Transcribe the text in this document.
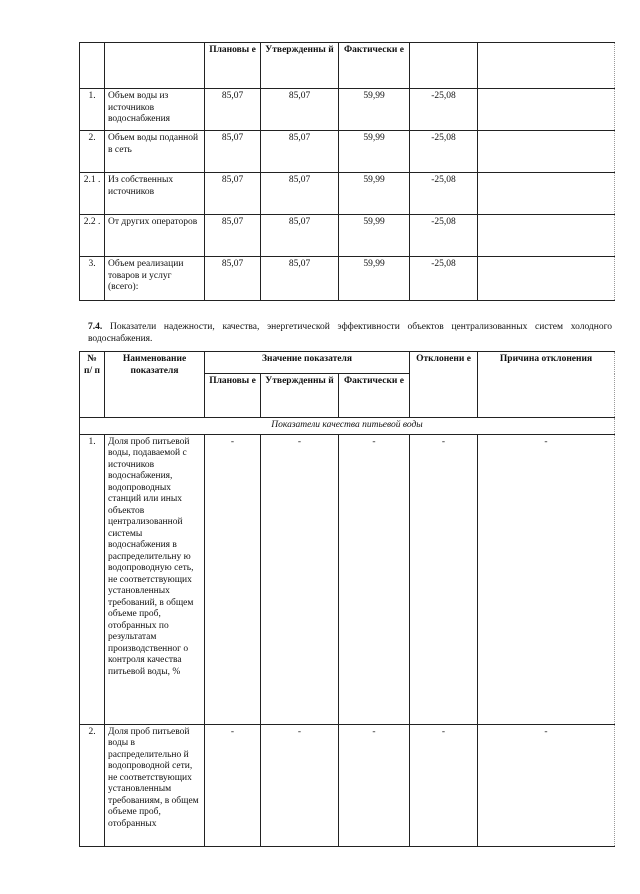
		Плановы е	Утвержденны й	Фактически е		
1.	Объем воды из источников водоснабжения	85,07	85,07	59,99	-25,08	
2.	Объем воды поданной в сеть	85,07	85,07	59,99	-25,08	
2.1 .	Из собственных источников	85,07	85,07	59,99	-25,08	
2.2 .	От других операторов	85,07	85,07	59,99	-25,08	
3.	Объем реализации товаров и услуг (всего):	85,07	85,07	59,99	-25,08	
7.4. Показатели надежности, качества, энергетической эффективности объектов централизованных систем холодного водоснабжения.
№ п/ п	Наименование показателя	Значение показателя			Отклонени е	Причина отклонения
		Плановы е	Утвержденны й	Фактически е		
Показатели качества питьевой воды						
1.	Доля проб питьевой воды, подаваемой с источников водоснабжения, водопроводных станций или иных объектов централизованной системы водоснабжения в распределительну ю водопроводную сеть, не соответствующих установленных требований, в общем объеме проб, отобранных по результатам производственног о контроля качества питьевой воды, %	-	-	-	-	-
2.	Доля проб питьевой воды в распределительно й водопроводной сети, не соответствующих установленным требованиям, в общем объеме проб, отобранных	-	-	-	-	-
